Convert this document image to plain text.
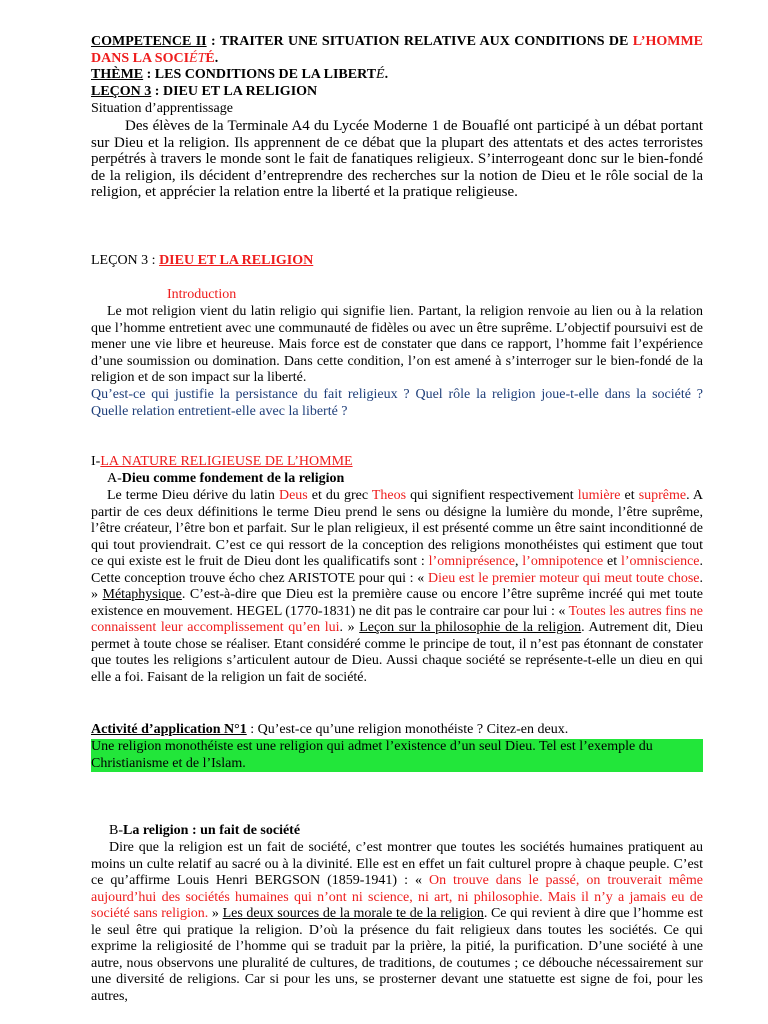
COMPETENCE II : TRAITER UNE SITUATION RELATIVE AUX CONDITIONS DE L’HOMME DANS LA SOCIÉTÉ.
THÈME : LES CONDITIONS DE LA LIBERTÉ.
LEÇON 3 : DIEU ET LA RELIGION
Situation d’apprentissage

Des élèves de la Terminale A4 du Lycée Moderne 1 de Bouaflé ont participé à un débat portant sur Dieu et la religion. Ils apprennent de ce débat que la plupart des attentats et des actes terroristes perpétrés à travers le monde sont le fait de fanatiques religieux. S’interrogeant donc sur le bien-fondé de la religion, ils décident d’entreprendre des recherches sur la notion de Dieu et le rôle social de la religion, et apprécier la relation entre la liberté et la pratique religieuse.

LEÇON 3 : DIEU ET LA RELIGION
Introduction

Le mot religion vient du latin religio qui signifie lien. Partant, la religion renvoie au lien ou à la relation que l’homme entretient avec une communauté de fidèles ou avec un être suprême. L’objectif poursuivi est de mener une vie libre et heureuse. Mais force est de constater que dans ce rapport, l’homme fait l’expérience d’une soumission ou domination. Dans cette condition, l’on est amené à s’interroger sur le bien-fondé de la religion et de son impact sur la liberté.

Qu’est-ce qui justifie la persistance du fait religieux ? Quel rôle la religion joue-t-elle dans la société ? Quelle relation entretient-elle avec la liberté ?

I-LA NATURE RELIGIEUSE DE L’HOMME
A-Dieu comme fondement de la religion

Le terme Dieu dérive du latin Deus et du grec Theos qui signifient respectivement lumière et suprême. A partir de ces deux définitions le terme Dieu prend le sens ou désigne la lumière du monde, l’être suprême, l’être créateur, l’être bon et parfait. Sur le plan religieux, il est présenté comme un être saint inconditionné de qui tout proviendrait. C’est ce qui ressort de la conception des religions monothéistes qui estiment que tout ce qui existe est le fruit de Dieu dont les qualificatifs sont : l’omniprésence, l’omnipotence et l’omniscience. Cette conception trouve écho chez ARISTOTE pour qui : « Dieu est le premier moteur qui meut toute chose. » Métaphysique. C’est-à-dire que Dieu est la première cause ou encore l’être suprême incréé qui met toute existence en mouvement. HEGEL (1770-1831) ne dit pas le contraire car pour lui : « Toutes les autres fins ne connaissent leur accomplissement qu’en lui. » Leçon sur la philosophie de la religion. Autrement dit, Dieu permet à toute chose se réaliser. Etant considéré comme le principe de tout, il n’est pas étonnant de constater que toutes les religions s’articulent autour de Dieu. Aussi chaque société se représente-t-elle un dieu en qui elle a foi. Faisant de la religion un fait de société.

Activité d’application N°1 : Qu’est-ce qu’une religion monothéiste ? Citez-en deux.
Une religion monothéiste est une religion qui admet l’existence d’un seul Dieu. Tel est l’exemple du Christianisme et de l’Islam.
B-La religion : un fait de société

Dire que la religion est un fait de société, c’est montrer que toutes les sociétés humaines pratiquent au moins un culte relatif au sacré ou à la divinité. Elle est en effet un fait culturel propre à chaque peuple. C’est ce qu’affirme Louis Henri BERGSON (1859-1941) : « On trouve dans le passé, on trouverait même aujourd’hui des sociétés humaines qui n’ont ni science, ni art, ni philosophie. Mais il n’y a jamais eu de société sans religion. » Les deux sources de la morale te de la religion. Ce qui revient à dire que l’homme est le seul être qui pratique la religion. D’où la présence du fait religieux dans toutes les sociétés. Ce qui exprime la religiosité de l’homme qui se traduit par la prière, la pitié, la purification. D’une société à une autre, nous observons une pluralité de cultures, de traditions, de coutumes ; ce débouche nécessairement sur une diversité de religions. Car si pour les uns, se prosterner devant une statuette est signe de foi, pour les autres,
